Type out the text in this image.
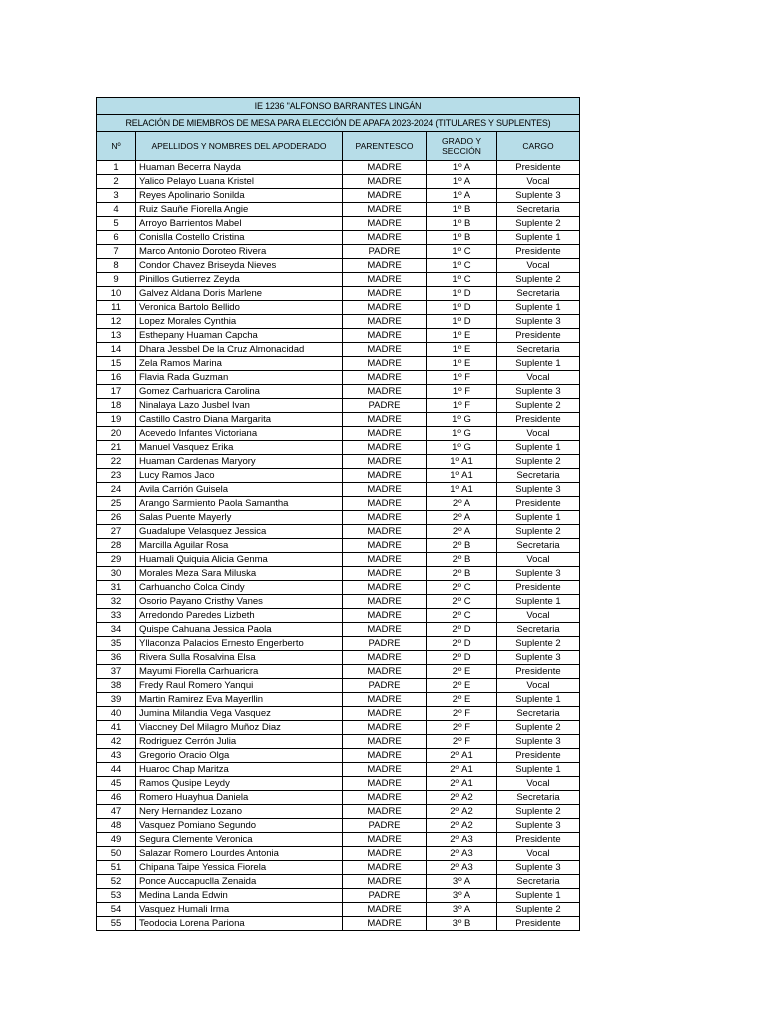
IE 1236 "ALFONSO BARRANTES LINGÁN				
RELACIÓN DE MIEMBROS DE MESA PARA ELECCIÓN DE APAFA 2023-2024 (TITULARES Y SUPLENTES)				
Nº	APELLIDOS Y NOMBRES DEL APODERADO	PARENTESCO	GRADO Y SECCIÓN	CARGO
1	Huaman Becerra Nayda	MADRE	1º A	Presidente
2	Yalico Pelayo Luana Kristel	MADRE	1º A	Vocal
3	Reyes Apolinario Sonilda	MADRE	1º A	Suplente 3
4	Ruiz Sauñe Fiorella Angie	MADRE	1º B	Secretaria
5	Arroyo Barrientos Mabel	MADRE	1º B	Suplente 2
6	Conislla Costello Cristina	MADRE	1º B	Suplente 1
7	Marco Antonio Doroteo Rivera	PADRE	1º C	Presidente
8	Condor Chavez Briseyda Nieves	MADRE	1º C	Vocal
9	Pinillos Gutierrez Zeyda	MADRE	1º C	Suplente 2
10	Galvez Aldana Doris Marlene	MADRE	1º D	Secretaria
11	Veronica Bartolo Bellido	MADRE	1º D	Suplente 1
12	Lopez Morales Cynthia	MADRE	1º D	Suplente 3
13	Esthepany Huaman Capcha	MADRE	1º E	Presidente
14	Dhara Jessbel De la Cruz Almonacidad	MADRE	1º E	Secretaria
15	Zela Ramos Marina	MADRE	1º E	Suplente 1
16	Flavia Rada Guzman	MADRE	1º F	Vocal
17	Gomez Carhuaricra Carolina	MADRE	1º F	Suplente 3
18	Ninalaya Lazo Jusbel Ivan	PADRE	1º F	Suplente 2
19	Castillo Castro Diana Margarita	MADRE	1º G	Presidente
20	Acevedo Infantes Victoriana	MADRE	1º G	Vocal
21	Manuel Vasquez Erika	MADRE	1º G	Suplente 1
22	Huaman Cardenas Maryory	MADRE	1º A1	Suplente 2
23	Lucy Ramos Jaco	MADRE	1º A1	Secretaria
24	Avila Carrión Guisela	MADRE	1º A1	Suplente 3
25	Arango Sarmiento Paola Samantha	MADRE	2º A	Presidente
26	Salas Puente Mayerly	MADRE	2º A	Suplente 1
27	Guadalupe Velasquez Jessica	MADRE	2º A	Suplente 2
28	Marcilla Aguilar Rosa	MADRE	2º B	Secretaria
29	Huamali Quiquia Alicia Genma	MADRE	2º B	Vocal
30	Morales Meza Sara Miluska	MADRE	2º B	Suplente 3
31	Carhuancho Colca Cindy	MADRE	2º C	Presidente
32	Osorio Payano Cristhy Vanes	MADRE	2º C	Suplente 1
33	Arredondo Paredes Lizbeth	MADRE	2º C	Vocal
34	Quispe Cahuana Jessica Paola	MADRE	2º D	Secretaria
35	Yllaconza Palacios Ernesto Engerberto	PADRE	2º D	Suplente 2
36	Rivera Sulla Rosalvina Elsa	MADRE	2º D	Suplente 3
37	Mayumi Fiorella Carhuaricra	MADRE	2º E	Presidente
38	Fredy Raul Romero Yanqui	PADRE	2º E	Vocal
39	Martin Ramirez Eva Mayerllin	MADRE	2º E	Suplente 1
40	Jumina Milandia Vega Vasquez	MADRE	2º F	Secretaria
41	Viaccney Del Milagro Muñoz Diaz	MADRE	2º F	Suplente 2
42	Rodriguez Cerrón Julia	MADRE	2º F	Suplente 3
43	Gregorio Oracio Olga	MADRE	2º A1	Presidente
44	Huaroc Chap Maritza	MADRE	2º A1	Suplente 1
45	Ramos Qusipe Leydy	MADRE	2º A1	Vocal
46	Romero Huayhua Daniela	MADRE	2º A2	Secretaria
47	Nery Hernandez Lozano	MADRE	2º A2	Suplente 2
48	Vasquez Pomiano Segundo	PADRE	2º A2	Suplente 3
49	Segura Clemente Veronica	MADRE	2º A3	Presidente
50	Salazar Romero Lourdes Antonia	MADRE	2º A3	Vocal
51	Chipana Taipe Yessica Fiorela	MADRE	2º A3	Suplente 3
52	Ponce Auccapuclla Zenaida	MADRE	3º A	Secretaria
53	Medina Landa Edwin	PADRE	3º A	Suplente 1
54	Vasquez Humali Irma	MADRE	3º A	Suplente 2
55	Teodocia Lorena Pariona	MADRE	3º B	Presidente
